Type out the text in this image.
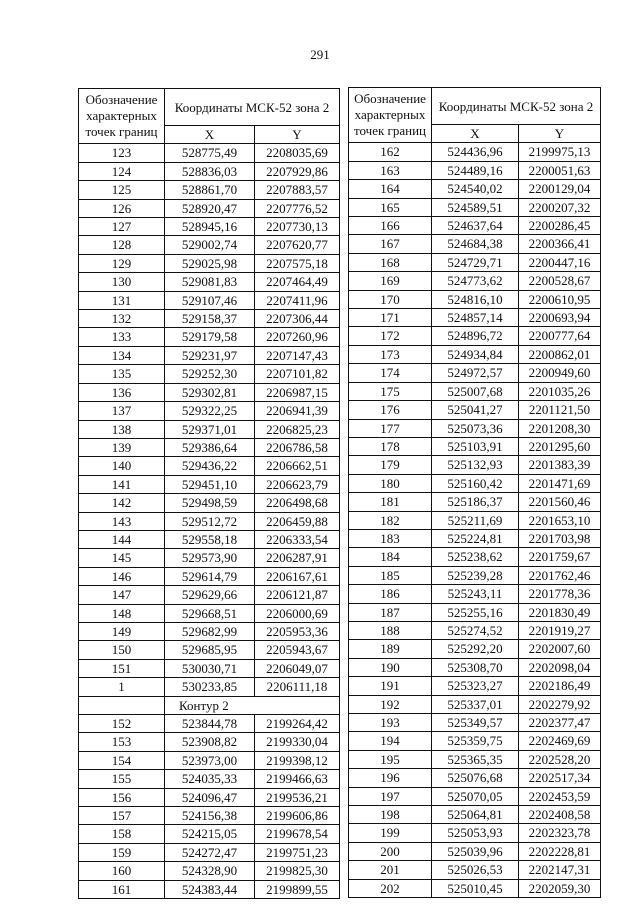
291
Обозначение характерных точек границ	Координаты МСК-52 зона 2	
	X	Y
123	528775,49	2208035,69
124	528836,03	2207929,86
125	528861,70	2207883,57
126	528920,47	2207776,52
127	528945,16	2207730,13
128	529002,74	2207620,77
129	529025,98	2207575,18
130	529081,83	2207464,49
131	529107,46	2207411,96
132	529158,37	2207306,44
133	529179,58	2207260,96
134	529231,97	2207147,43
135	529252,30	2207101,82
136	529302,81	2206987,15
137	529322,25	2206941,39
138	529371,01	2206825,23
139	529386,64	2206786,58
140	529436,22	2206662,51
141	529451,10	2206623,79
142	529498,59	2206498,68
143	529512,72	2206459,88
144	529558,18	2206333,54
145	529573,90	2206287,91
146	529614,79	2206167,61
147	529629,66	2206121,87
148	529668,51	2206000,69
149	529682,99	2205953,36
150	529685,95	2205943,67
151	530030,71	2206049,07
1	530233,85	2206111,18
	Контур 2	
152	523844,78	2199264,42
153	523908,82	2199330,04
154	523973,00	2199398,12
155	524035,33	2199466,63
156	524096,47	2199536,21
157	524156,38	2199606,86
158	524215,05	2199678,54
159	524272,47	2199751,23
160	524328,90	2199825,30
161	524383,44	2199899,55
Обозначение характерных точек границ	Координаты МСК-52 зона 2	
	X	Y
162	524436,96	2199975,13
163	524489,16	2200051,63
164	524540,02	2200129,04
165	524589,51	2200207,32
166	524637,64	2200286,45
167	524684,38	2200366,41
168	524729,71	2200447,16
169	524773,62	2200528,67
170	524816,10	2200610,95
171	524857,14	2200693,94
172	524896,72	2200777,64
173	524934,84	2200862,01
174	524972,57	2200949,60
175	525007,68	2201035,26
176	525041,27	2201121,50
177	525073,36	2201208,30
178	525103,91	2201295,60
179	525132,93	2201383,39
180	525160,42	2201471,69
181	525186,37	2201560,46
182	525211,69	2201653,10
183	525224,81	2201703,98
184	525238,62	2201759,67
185	525239,28	2201762,46
186	525243,11	2201778,36
187	525255,16	2201830,49
188	525274,52	2201919,27
189	525292,20	2202007,60
190	525308,70	2202098,04
191	525323,27	2202186,49
192	525337,01	2202279,92
193	525349,57	2202377,47
194	525359,75	2202469,69
195	525365,35	2202528,20
196	525076,68	2202517,34
197	525070,05	2202453,59
198	525064,81	2202408,58
199	525053,93	2202323,78
200	525039,96	2202228,81
201	525026,53	2202147,31
202	525010,45	2202059,30
